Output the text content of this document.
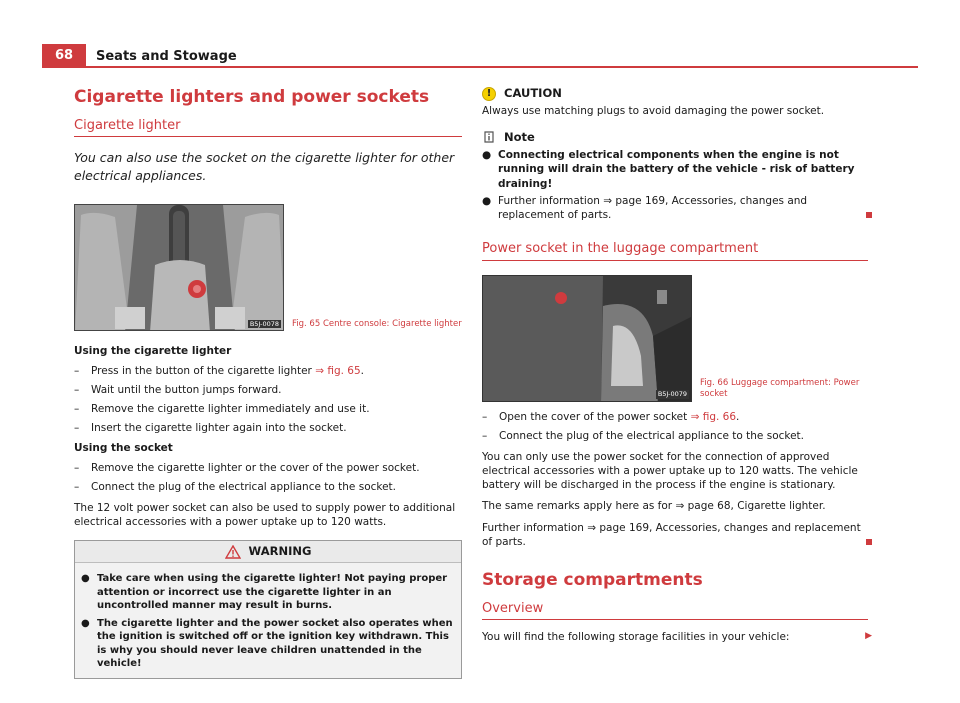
68	Seats and Stowage
Cigarette lighters and power sockets
Cigarette lighter
You can also use the socket on the cigarette lighter for other electrical appliances.
B5J-0078 Fig. 65 Centre console: Cigarette lighter
Using the cigarette lighter
– Press in the button of the cigarette lighter ⇒ fig. 65.
– Wait until the button jumps forward.
– Remove the cigarette lighter immediately and use it.
– Insert the cigarette lighter again into the socket.
Using the socket
– Remove the cigarette lighter or the cover of the power socket.
– Connect the plug of the electrical appliance to the socket.

The 12 volt power socket can also be used to supply power to additional electrical accessories with a power uptake up to 120 watts.

WARNING
● Take care when using the cigarette lighter! Not paying proper attention or incorrect use the cigarette lighter in an uncontrolled manner may result in burns.
● The cigarette lighter and the power socket also operates when the ignition is switched off or the ignition key withdrawn. This is why you should never leave children unattended in the vehicle!
!	CAUTION
Always use matching plugs to avoid damaging the power socket.
Note
● Connecting electrical components when the engine is not running will drain the battery of the vehicle - risk of battery draining!
● Further information ⇒ page 169, Accessories, changes and replacement of parts.
Power socket in the luggage compartment
B5J-0079
Fig. 66 Luggage compartment: Power socket
– Open the cover of the power socket ⇒ fig. 66.
– Connect the plug of the electrical appliance to the socket.

You can only use the power socket for the connection of approved electrical accessories with a power uptake up to 120 watts. The vehicle battery will be discharged in the process if the engine is stationary.

The same remarks apply here as for ⇒ page 68, Cigarette lighter.

Further information ⇒ page 169, Accessories, changes and replacement of parts.

Storage compartments
Overview

You will find the following storage facilities in your vehicle:	▶
